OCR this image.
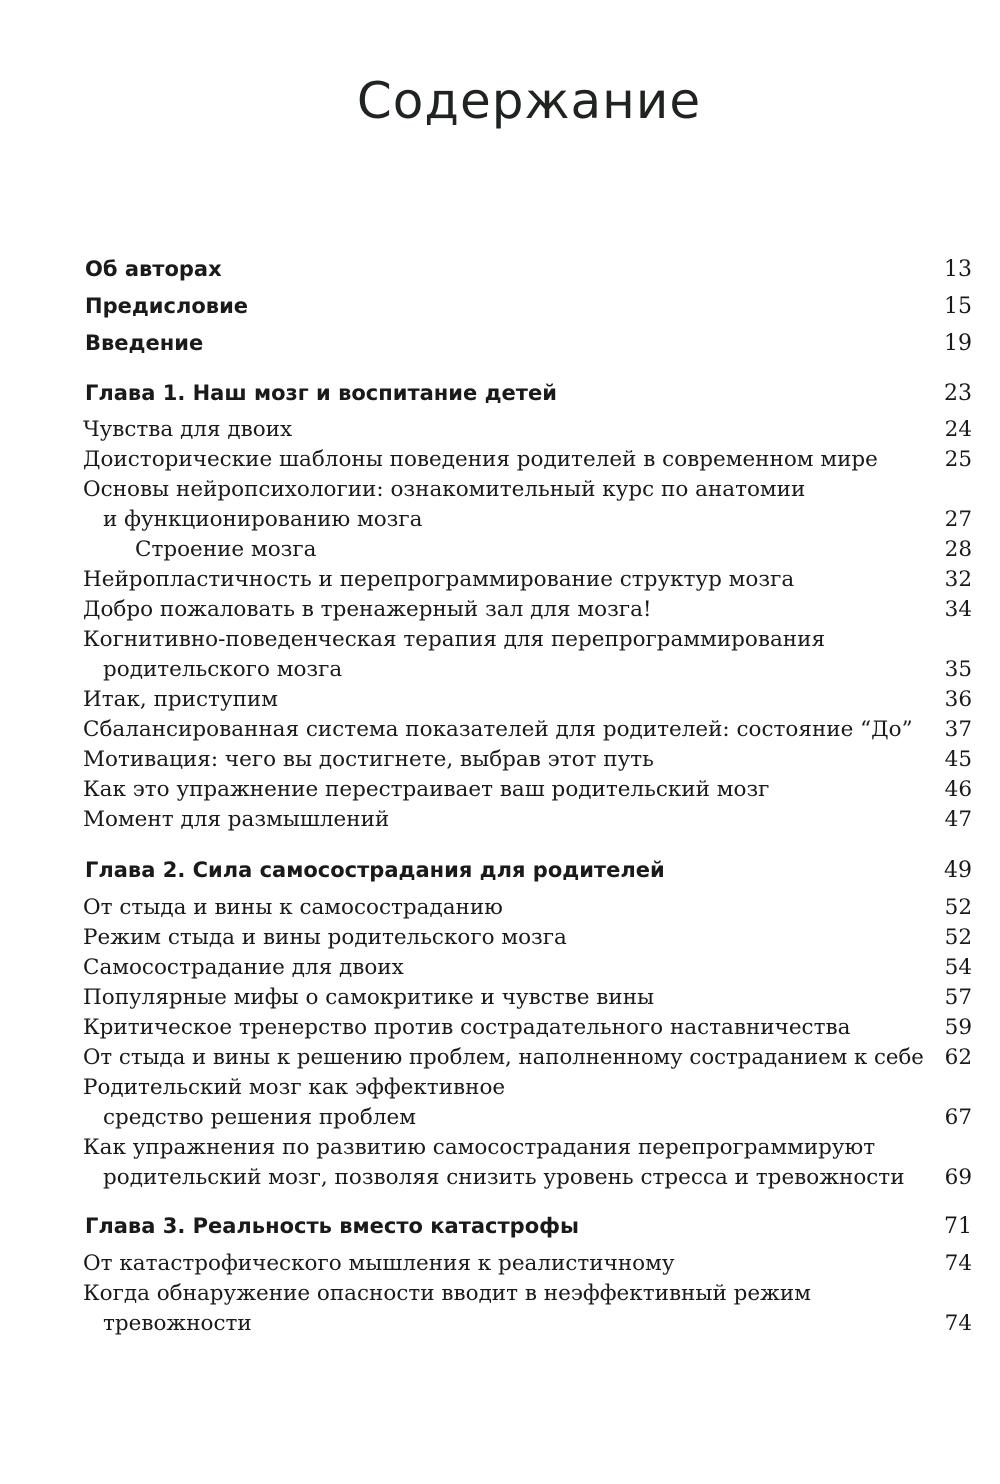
Содержание
Об авторах	13
Предисловие	15
Введение	19
Глава 1. Наш мозг и воспитание детей	23
Чувства для двоих	24
Доисторические шаблоны поведения родителей в современном мире	25
Основы нейропсихологии: ознакомительный курс по анатомии
и функционированию мозга	27
Строение мозга	28
Нейропластичность и перепрограммирование структур мозга	32
Добро пожаловать в тренажерный зал для мозга!	34
Когнитивно-поведенческая терапия для перепрограммирования
родительского мозга	35
Итак, приступим	36
Сбалансированная система показателей для родителей: состояние “До” 37
Мотивация: чего вы достигнете, выбрав этот путь	45
Как это упражнение перестраивает ваш родительский мозг	46
Момент для размышлений	47
Глава 2. Сила самосострадания для родителей	49
От стыда и вины к самосостраданию	52
Режим стыда и вины родительского мозга	52
Самосострадание для двоих	54
Популярные мифы о самокритике и чувстве вины	57
Критическое тренерство против сострадательного наставничества	59
От стыда и вины к решению проблем, наполненному состраданием к себе 62
Родительский мозг как эффективное
средство решения проблем	67
Как упражнения по развитию самосострадания перепрограммируют
родительский мозг, позволяя снизить уровень стресса и тревожности 69
Глава 3. Реальность вместо катастрофы	71
От катастрофического мышления к реалистичному	74
Когда обнаружение опасности вводит в неэффективный режим
тревожности	74
